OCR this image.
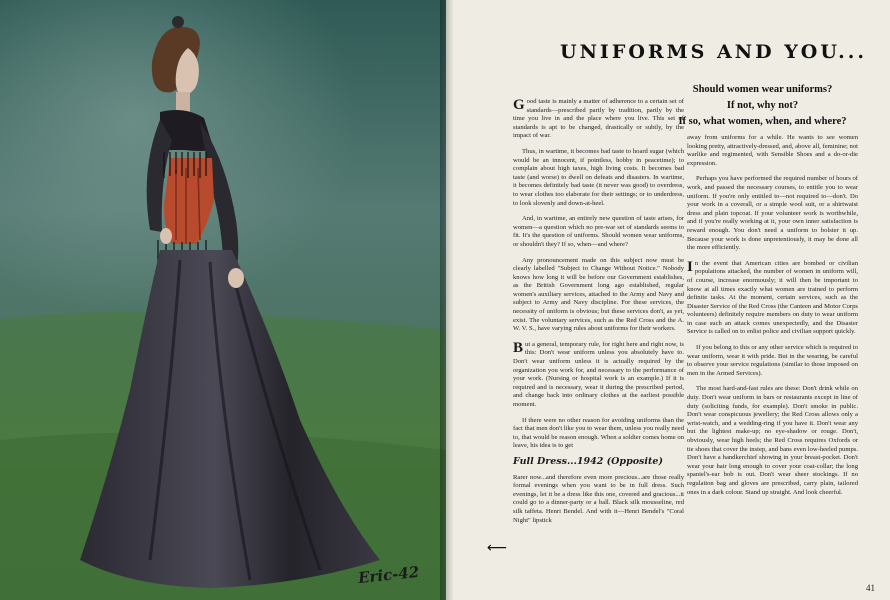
Eric-42
UNIFORMS AND YOU...
Should women wear uniforms?
If not, why not?
If so, what women, when, and where?

Good taste is mainly a matter of adherence to a certain set of standards—prescribed partly by tradition, partly by the time you live in and the place where you live. This set of standards is apt to be changed, drastically or subtly, by the impact of war.

Thus, in wartime, it becomes bad taste to hoard sugar (which would be an innocent, if pointless, hobby in peacetime); to complain about high taxes, high living costs. It becomes bad taste (and worse) to dwell on defeats and disasters. In wartime, it becomes definitely bad taste (it never was good) to overdress, to wear clothes too elaborate for their settings; or to underdress, to look slovenly and down-at-heel.

And, in wartime, an entirely new question of taste arises, for women—a question which no pre-war set of standards seems to fit. It's the question of uniforms. Should women wear uniforms, or shouldn't they? If so, when—and where?

Any pronouncement made on this subject now must be clearly labelled "Subject to Change Without Notice." Nobody knows how long it will be before our Government establishes, as the British Government long ago established, regular women's auxiliary services, attached to the Army and Navy and subject to Army and Navy discipline. For these services, the necessity of uniform is obvious; but these services don't, as yet, exist. The voluntary services, such as the Red Cross and the A. W. V. S., have varying rules about uniforms for their workers.

But a general, temporary rule, for right here and right now, is this: Don't wear uniform unless you absolutely have to. Don't wear uniform unless it is actually required by the organization you work for, and necessary to the performance of your work. (Nursing or hospital work is an example.) If it is required and is necessary, wear it during the prescribed period, and change back into ordinary clothes at the earliest possible moment.

If there were no other reason for avoiding uniforms than the fact that men don't like you to wear them, unless you really need to, that would be reason enough. When a soldier comes home on leave, his idea is to get

Full Dress...1942 (Opposite)

Rarer now...and therefore even more precious...are those really formal evenings when you want to be in full dress. Such evenings, let it be a dress like this one, covered and gracious...it could go to a dinner-party or a ball. Black silk mousseline, red silk taffeta. Henri Bendel. And with it—Henri Bendel's "Coral Night" lipstick

away from uniforms for a while. He wants to see women looking pretty, attractively-dressed, and, above all, feminine; not warlike and regimented, with Sensible Shoes and a do-or-die expression.

Perhaps you have performed the required number of hours of work, and passed the necessary courses, to entitle you to wear uniform. If you're only entitled to—not required to—don't. Do your work in a coverall, or a simple wool suit, or a shirtwaist dress and plain topcoat. If your volunteer work is worthwhile, and if you're really working at it, your own inner satisfaction is reward enough. You don't need a uniform to bolster it up. Because your work is done unpretentiously, it may be done all the more efficiently.

In the event that American cities are bombed or civilian populations attacked, the number of women in uniform will, of course, increase enormously; it will then be important to know at all times exactly what women are trained to perform definite tasks. At the moment, certain services, such as the Disaster Service of the Red Cross (the Canteen and Motor Corps volunteers) definitely require members on duty to wear uniform in case such an attack comes unexpectedly, and the Disaster Service is called on to enlist police and civilian support quickly.

If you belong to this or any other service which is required to wear uniform, wear it with pride. But in the wearing, be careful to observe your service regulations (similar to those imposed on men in the Armed Services).

The most hard-and-fast rules are these: Don't drink while on duty. Don't wear uniform in bars or restaurants except in line of duty (soliciting funds, for example). Don't smoke in public. Don't wear conspicuous jewellery; the Red Cross allows only a wrist-watch, and a wedding-ring if you have it. Don't wear any but the lightest make-up; no eye-shadow or rouge. Don't, obviously, wear high heels; the Red Cross requires Oxfords or tie shoes that cover the instep, and bans even low-heeled pumps. Don't have a handkerchief showing in your breast-pocket. Don't wear your hair long enough to cover your coat-collar; the long spaniel's-ear bob is out. Don't wear sheer stockings. If no regulation bag and gloves are prescribed, carry plain, tailored ones in a dark colour. Stand up straight. And look cheerful.

⟵
41
